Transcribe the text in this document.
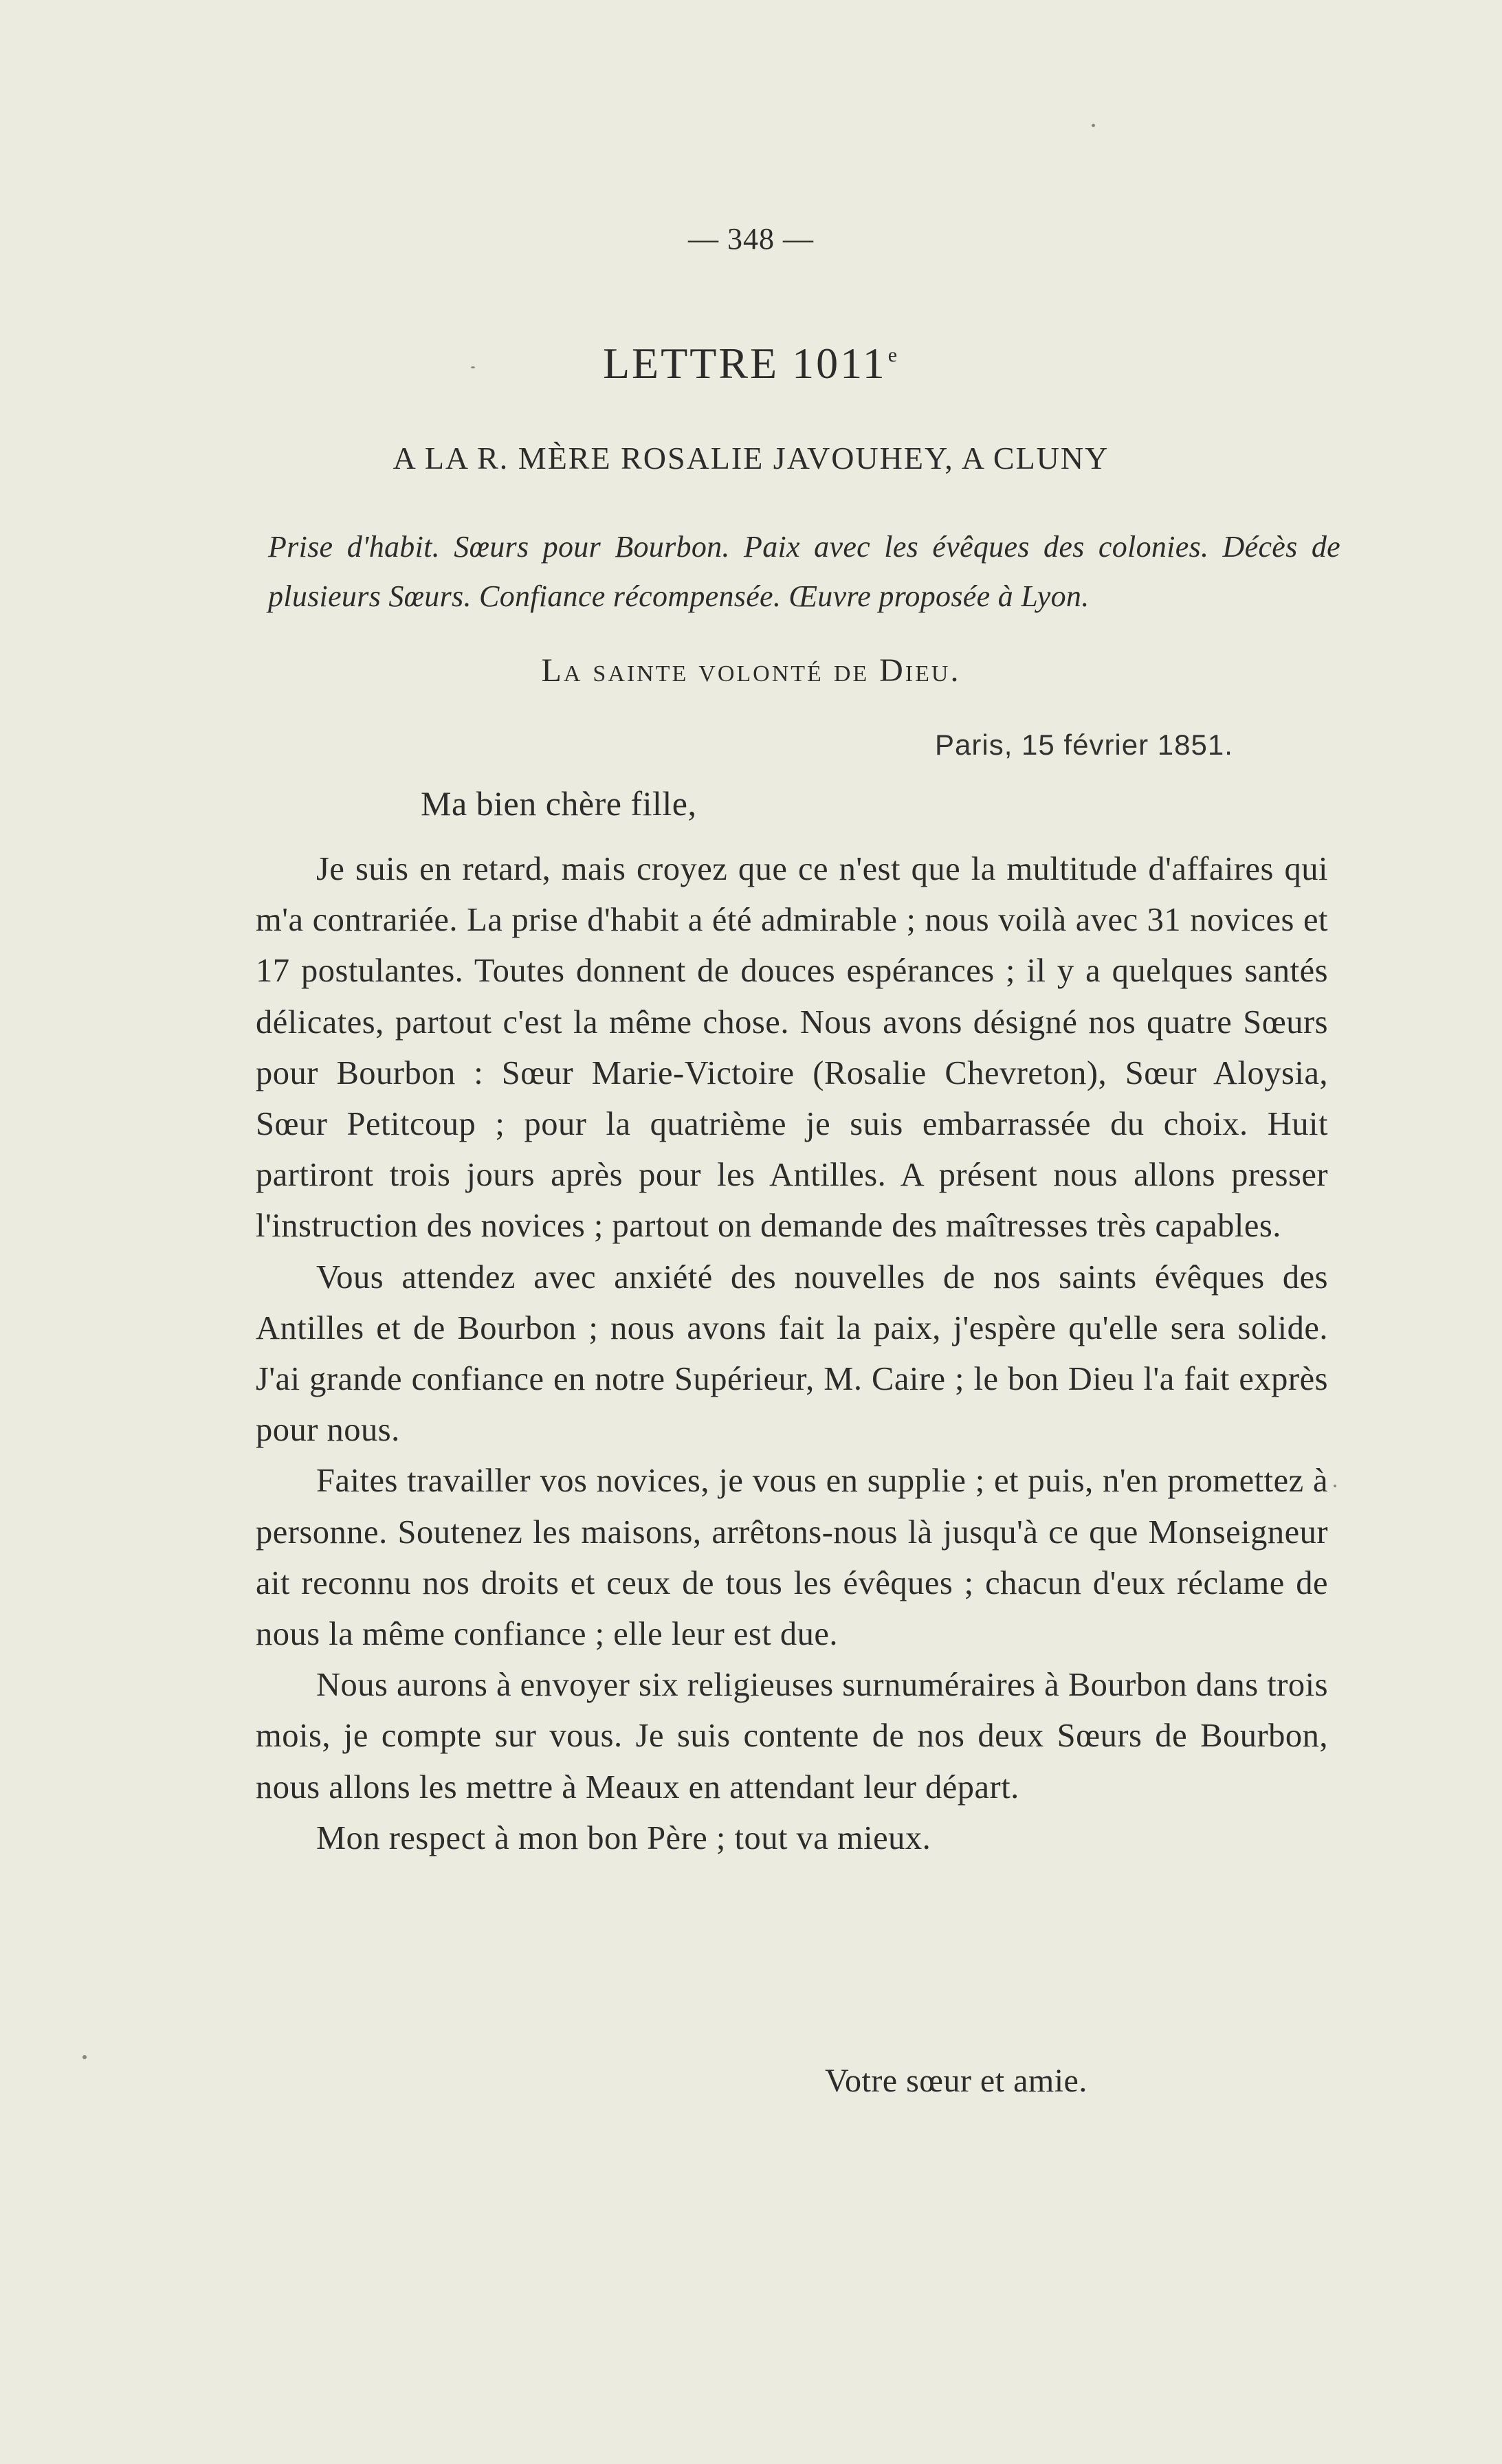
— 348 —
LETTRE 1011e
A LA R. MÈRE ROSALIE JAVOUHEY, A CLUNY
Prise d'habit. Sœurs pour Bourbon. Paix avec les évêques des colonies. Décès de plusieurs Sœurs. Confiance récompensée. Œuvre proposée à Lyon.
La sainte volonté de Dieu.
Paris, 15 février 1851.
Ma bien chère fille,

Je suis en retard, mais croyez que ce n'est que la multitude d'affaires qui m'a contrariée. La prise d'habit a été admirable ; nous voilà avec 31 novices et 17 postulantes. Toutes donnent de douces espérances ; il y a quelques santés délicates, partout c'est la même chose. Nous avons désigné nos quatre Sœurs pour Bourbon : Sœur Marie-Victoire (Rosalie Chevreton), Sœur Aloysia, Sœur Petitcoup ; pour la quatrième je suis embarrassée du choix. Huit partiront trois jours après pour les Antilles. A présent nous allons presser l'instruction des novices ; partout on demande des maîtresses très capables.

Vous attendez avec anxiété des nouvelles de nos saints évêques des Antilles et de Bourbon ; nous avons fait la paix, j'espère qu'elle sera solide. J'ai grande confiance en notre Supérieur, M. Caire ; le bon Dieu l'a fait exprès pour nous.

Faites travailler vos novices, je vous en supplie ; et puis, n'en promettez à personne. Soutenez les maisons, arrêtons-nous là jusqu'à ce que Monseigneur ait reconnu nos droits et ceux de tous les évêques ; chacun d'eux réclame de nous la même confiance ; elle leur est due.

Nous aurons à envoyer six religieuses surnuméraires à Bourbon dans trois mois, je compte sur vous. Je suis contente de nos deux Sœurs de Bourbon, nous allons les mettre à Meaux en attendant leur départ.

Mon respect à mon bon Père ; tout va mieux.

Votre sœur et amie.
